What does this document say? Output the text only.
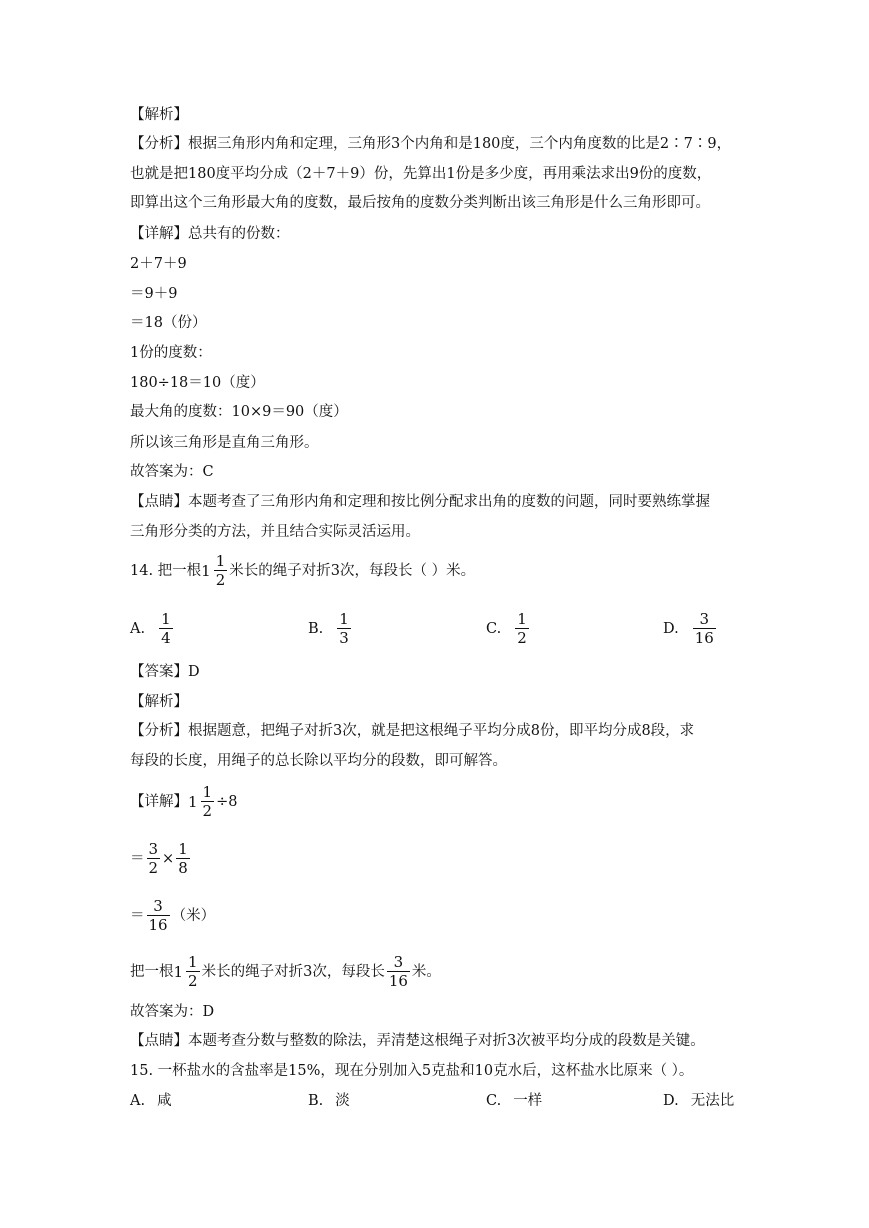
【解析】
【分析】根据三角形内角和定理，三角形3个内角和是180度，三个内角度数的比是2∶7∶9，
也就是把180度平均分成（2＋7＋9）份，先算出1份是多少度，再用乘法求出9份的度数，
即算出这个三角形最大角的度数，最后按角的度数分类判断出该三角形是什么三角形即可。
【详解】总共有的份数：
2＋7＋9
＝9＋9
＝18（份）
1份的度数：
180÷18＝10（度）
最大角的度数：10×9＝90（度）
所以该三角形是直角三角形。
故答案为：C
【点睛】本题考查了三角形内角和定理和按比例分配求出角的度数的问题，同时要熟练掌握
三角形分类的方法，并且结合实际灵活运用。
14. 把一根 $1 \frac{1}{2}$ 米长的绳子对折3次，每段长（ ）米。
A. $\frac{1}{4}$	B. $\frac{1}{3}$	C. $\frac{1}{2}$	D. $\frac{3}{16}$
【答案】D
【解析】
【分析】根据题意，把绳子对折3次，就是把这根绳子平均分成8份，即平均分成8段，求
每段的长度，用绳子的总长除以平均分的段数，即可解答。
【详解】 $1 \frac{1}{2} \div 8$
＝ $\frac{3}{2} \times \frac{1}{8}$
＝ $\frac{3}{16}$ （米）
把一根 $1 \frac{1}{2}$ 米长的绳子对折3次，每段长 $\frac{3}{16}$ 米。
故答案为：D
【点睛】本题考查分数与整数的除法，弄清楚这根绳子对折3次被平均分成的段数是关键。
15. 一杯盐水的含盐率是15%，现在分别加入5克盐和10克水后，这杯盐水比原来（ ）。
A. 咸	B. 淡	C. 一样	D. 无法比
